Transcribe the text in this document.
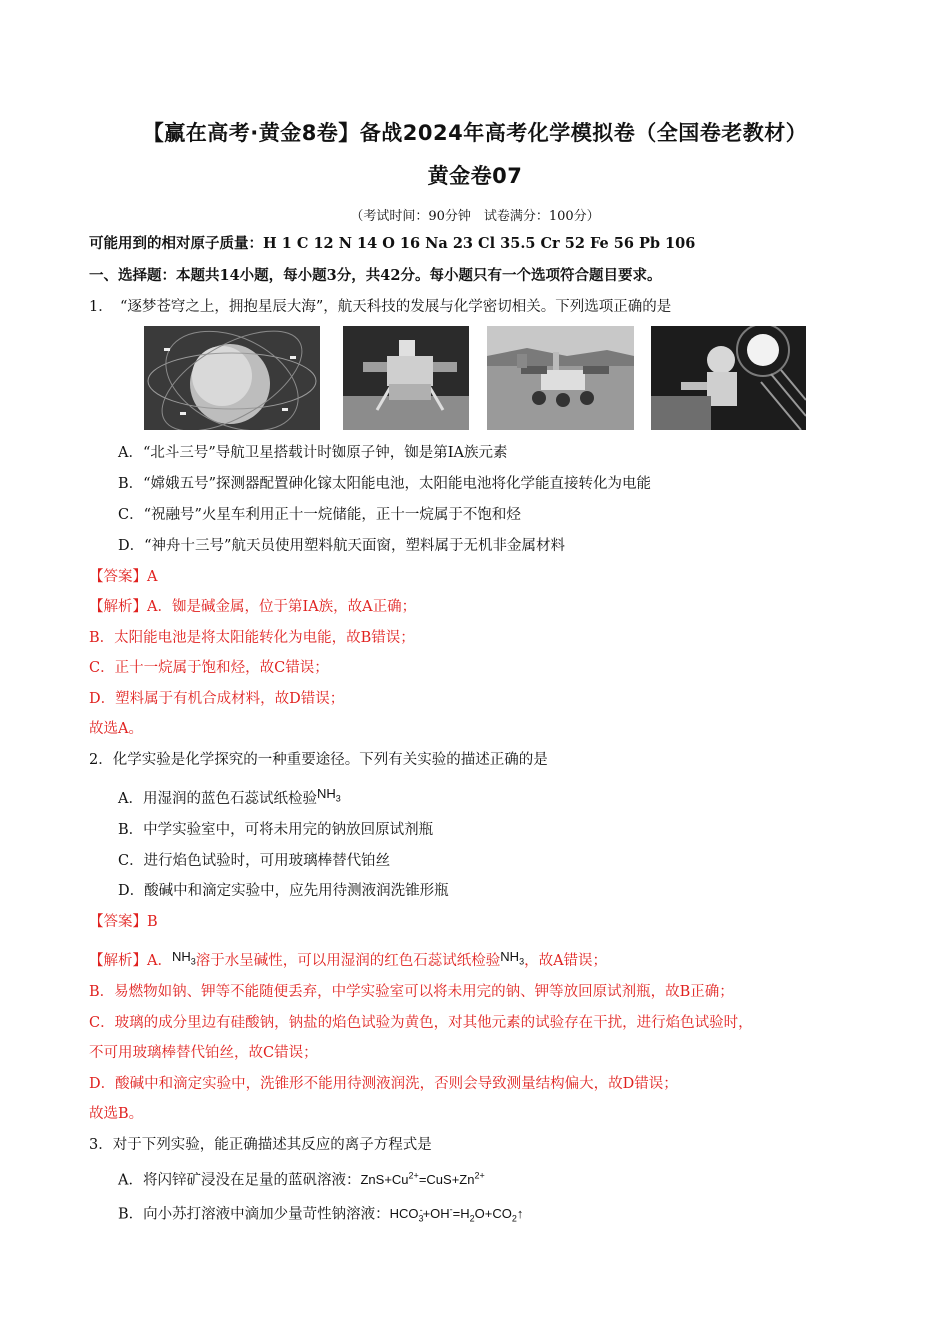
【赢在高考·黄金8卷】备战2024年高考化学模拟卷（全国卷老教材）
黄金卷07
（考试时间：90分钟　试卷满分：100分）
可能用到的相对原子质量：H 1 C 12 N 14 O 16 Na 23 Cl 35.5 Cr 52 Fe 56 Pb 106
一、选择题：本题共14小题，每小题3分，共42分。每小题只有一个选项符合题目要求。
1．　“逐梦苍穹之上，拥抱星辰大海”，航天科技的发展与化学密切相关。下列选项正确的是
A．“北斗三号”导航卫星搭载计时铷原子钟，铷是第ⅠA族元素
B．“嫦娥五号”探测器配置砷化镓太阳能电池，太阳能电池将化学能直接转化为电能
C．“祝融号”火星车利用正十一烷储能，正十一烷属于不饱和烃
D．“神舟十三号”航天员使用塑料航天面窗，塑料属于无机非金属材料
【答案】A
【解析】A．铷是碱金属，位于第ⅠA族，故A正确；
B．太阳能电池是将太阳能转化为电能，故B错误；
C．正十一烷属于饱和烃，故C错误；
D．塑料属于有机合成材料，故D错误；
故选A。
2．化学实验是化学探究的一种重要途径。下列有关实验的描述正确的是
A．用湿润的蓝色石蕊试纸检验$NH_3$
B．中学实验室中，可将未用完的钠放回原试剂瓶
C．进行焰色试验时，可用玻璃棒替代铂丝
D．酸碱中和滴定实验中，应先用待测液润洗锥形瓶
【答案】B
【解析】A．$NH_3$溶于水呈碱性，可以用湿润的红色石蕊试纸检验$NH_3$，故A错误；
B．易燃物如钠、钾等不能随便丢弃，中学实验室可以将未用完的钠、钾等放回原试剂瓶，故B正确；
C．玻璃的成分里边有硅酸钠，钠盐的焰色试验为黄色，对其他元素的试验存在干扰，进行焰色试验时，
不可用玻璃棒替代铂丝，故C错误；
D．酸碱中和滴定实验中，洗锥形不能用待测液润洗，否则会导致测量结构偏大，故D错误；
故选B。
3．对于下列实验，能正确描述其反应的离子方程式是
A．将闪锌矿浸没在足量的蓝矾溶液：$ZnS+Cu^{2+}=CuS+Zn^{2+}$
B．向小苏打溶液中滴加少量苛性钠溶液：$HCO_3^-+OH^-=H_2O+CO_2↑$
